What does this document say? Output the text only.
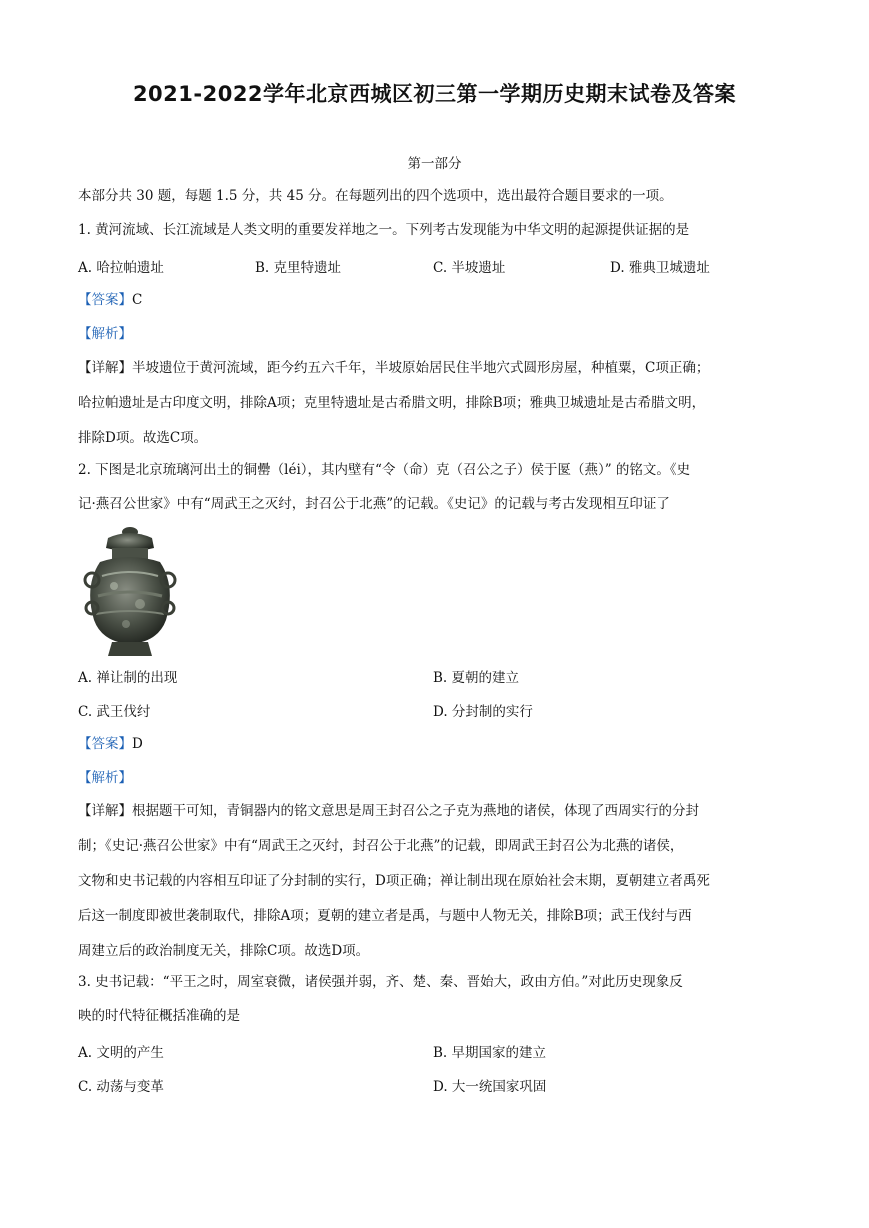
2021-2022学年北京西城区初三第一学期历史期末试卷及答案
第一部分
本部分共 30 题，每题 1.5 分，共 45 分。在每题列出的四个选项中，选出最符合题目要求的一项。
1. 黄河流域、长江流域是人类文明的重要发祥地之一。下列考古发现能为中华文明的起源提供证据的是
A. 哈拉帕遗址	B. 克里特遗址	C. 半坡遗址	D. 雅典卫城遗址
【答案】C
【解析】
【详解】半坡遗位于黄河流域，距今约五六千年，半坡原始居民住半地穴式圆形房屋，种植粟，C项正确；
哈拉帕遗址是古印度文明，排除A项；克里特遗址是古希腊文明，排除B项；雅典卫城遗址是古希腊文明，
排除D项。故选C项。
2. 下图是北京琉璃河出土的铜罍（léi），其内壁有“令（命）克（召公之子）侯于匽（燕）” 的铭文。《史
记·燕召公世家》中有“周武王之灭纣，封召公于北燕”的记载。《史记》的记载与考古发现相互印证了
A. 禅让制的出现	B. 夏朝的建立
C. 武王伐纣	D. 分封制的实行
【答案】D
【解析】
【详解】根据题干可知，青铜器内的铭文意思是周王封召公之子克为燕地的诸侯，体现了西周实行的分封
制；《史记·燕召公世家》中有“周武王之灭纣，封召公于北燕”的记载，即周武王封召公为北燕的诸侯，
文物和史书记载的内容相互印证了分封制的实行，D项正确；禅让制出现在原始社会末期，夏朝建立者禹死
后这一制度即被世袭制取代，排除A项；夏朝的建立者是禹，与题中人物无关，排除B项；武王伐纣与西
周建立后的政治制度无关，排除C项。故选D项。
3. 史书记载：“平王之时，周室衰微，诸侯强并弱，齐、楚、秦、晋始大，政由方伯。”对此历史现象反
映的时代特征概括准确的是
A. 文明的产生	B. 早期国家的建立
C. 动荡与变革	D. 大一统国家巩固
